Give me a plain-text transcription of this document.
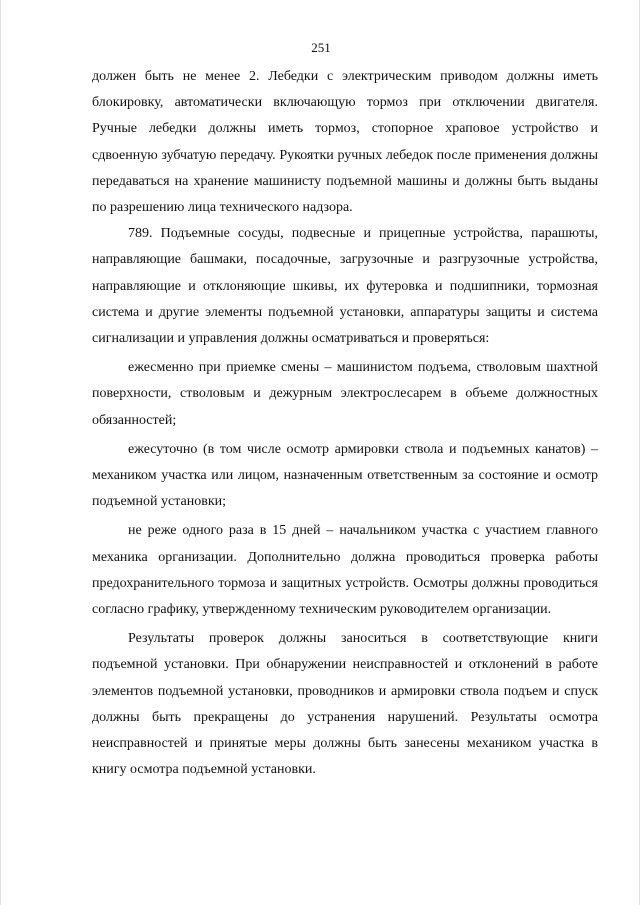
251

должен быть не менее 2. Лебедки с электрическим приводом должны иметь блокировку, автоматически включающую тормоз при отключении двигателя. Ручные лебедки должны иметь тормоз, стопорное храповое устройство и сдвоенную зубчатую передачу. Рукоятки ручных лебедок после применения должны передаваться на хранение машинисту подъемной машины и должны быть выданы по разрешению лица технического надзора.

789. Подъемные сосуды, подвесные и прицепные устройства, парашюты, направляющие башмаки, посадочные, загрузочные и разгрузочные устройства, направляющие и отклоняющие шкивы, их футеровка и подшипники, тормозная система и другие элементы подъемной установки, аппаратуры защиты и система сигнализации и управления должны осматриваться и проверяться:

ежесменно при приемке смены – машинистом подъема, стволовым шахтной поверхности, стволовым и дежурным электрослесарем в объеме должностных обязанностей;

ежесуточно (в том числе осмотр армировки ствола и подъемных канатов) – механиком участка или лицом, назначенным ответственным за состояние и осмотр подъемной установки;

не реже одного раза в 15 дней – начальником участка с участием главного механика организации. Дополнительно должна проводиться проверка работы предохранительного тормоза и защитных устройств. Осмотры должны проводиться согласно графику, утвержденному техническим руководителем организации.

Результаты проверок должны заноситься в соответствующие книги подъемной установки. При обнаружении неисправностей и отклонений в работе элементов подъемной установки, проводников и армировки ствола подъем и спуск должны быть прекращены до устранения нарушений. Результаты осмотра неисправностей и принятые меры должны быть занесены механиком участка в книгу осмотра подъемной установки.
